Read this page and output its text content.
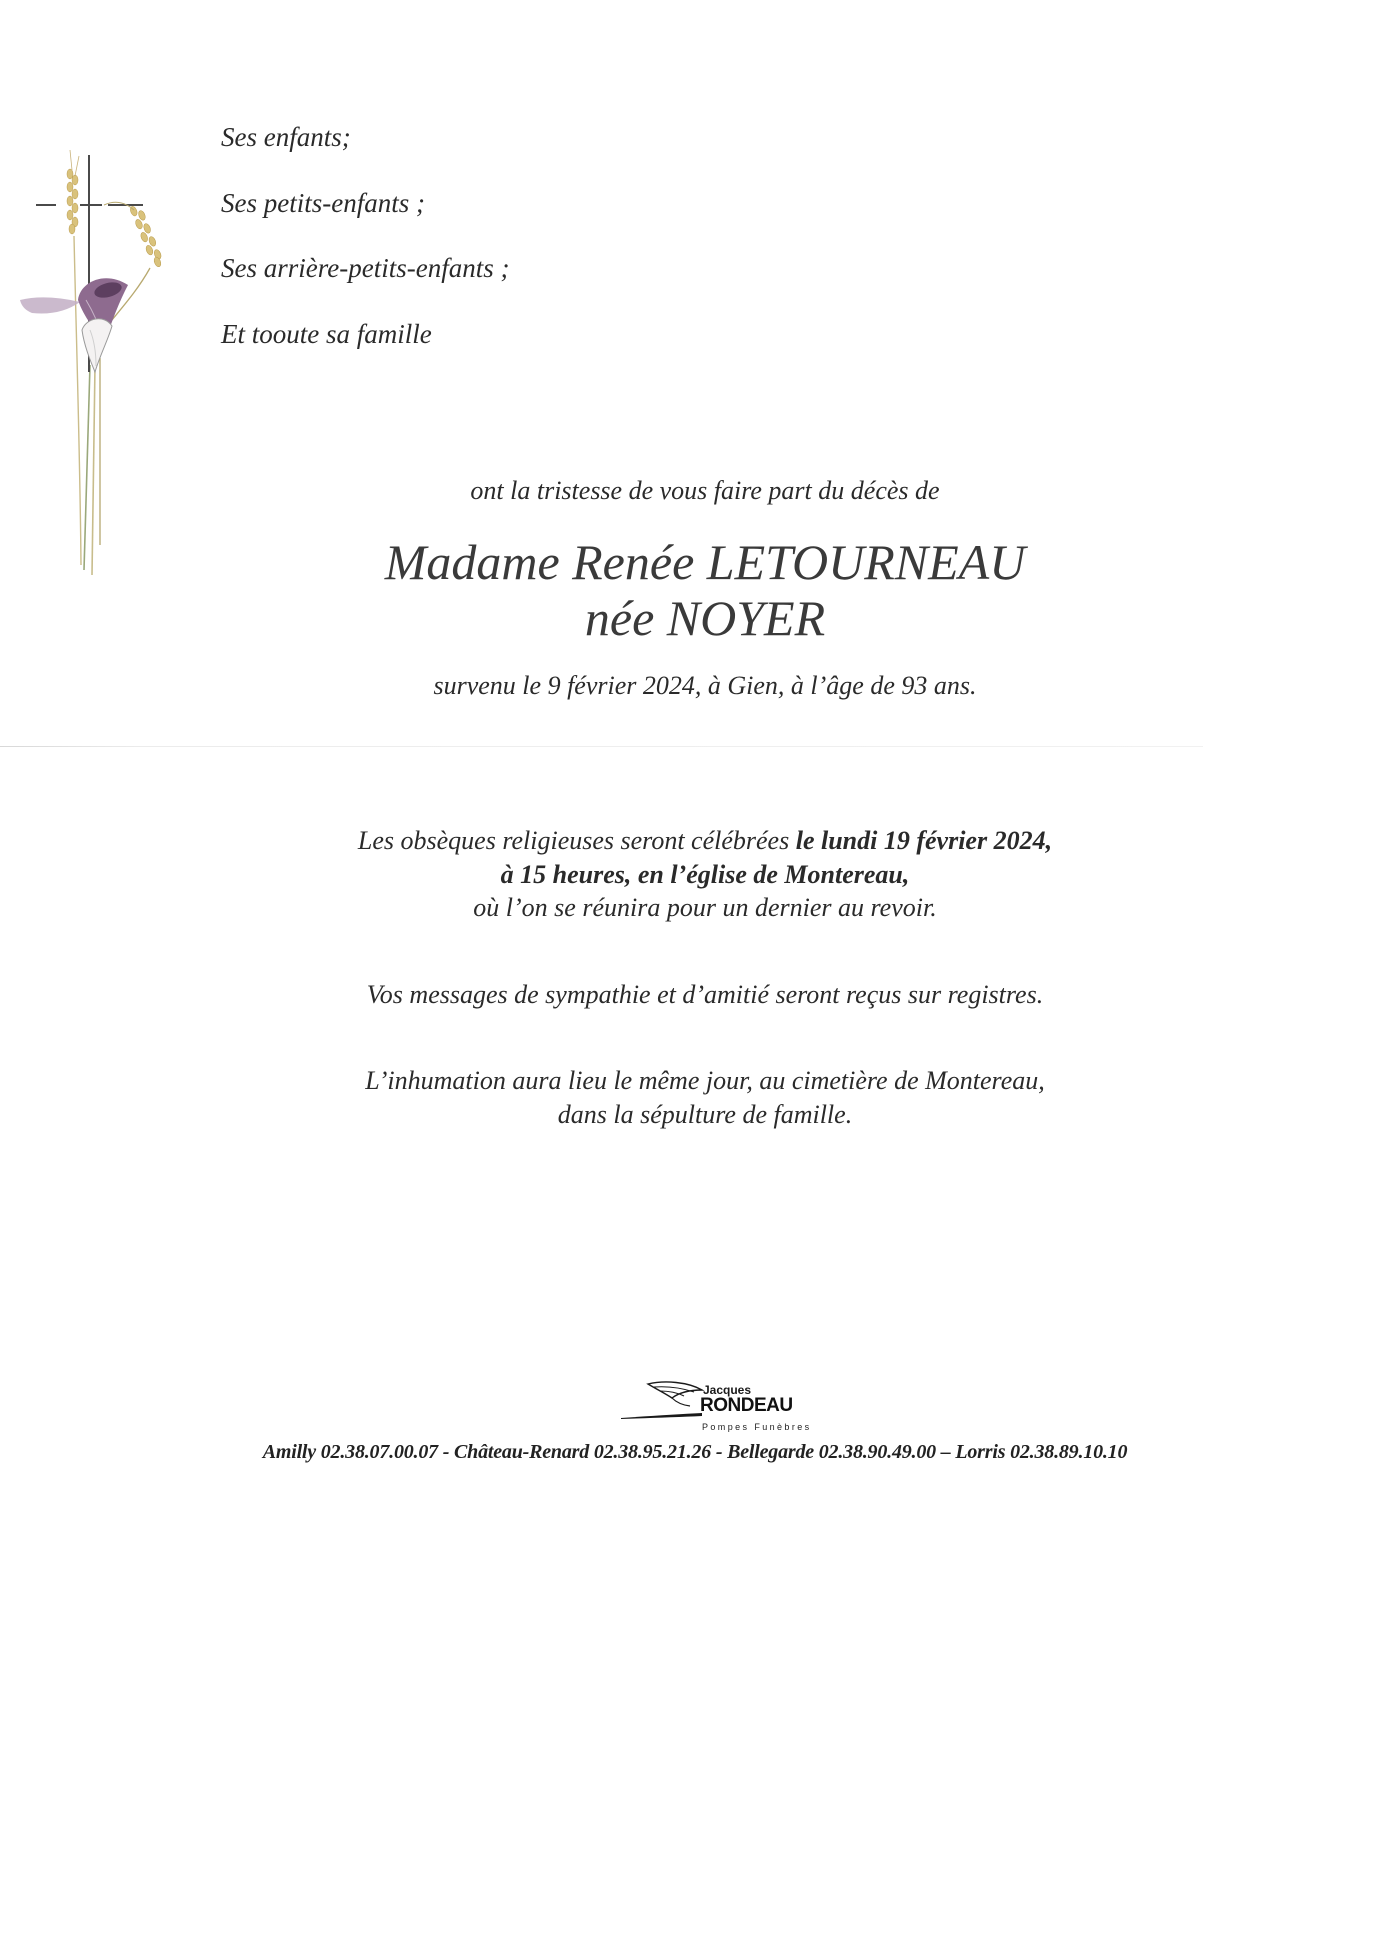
Ses enfants;
Ses petits-enfants ;
Ses arrière-petits-enfants ;
Et tooute sa famille
ont la tristesse de vous faire part du décès de
Madame Renée LETOURNEAU
née NOYER
survenu le 9 février 2024, à Gien, à l’âge de 93 ans.
Les obsèques religieuses seront célébrées le lundi 19 février 2024,
à 15 heures, en l’église de Montereau,
où l’on se réunira pour un dernier au revoir.
Vos messages de sympathie et d’amitié seront reçus sur registres.
L’inhumation aura lieu le même jour, au cimetière de Montereau,
dans la sépulture de famille.
Jacques
RONDEAU
Pompes Funèbres
Amilly 02.38.07.00.07 - Château-Renard 02.38.95.21.26 - Bellegarde 02.38.90.49.00 – Lorris 02.38.89.10.10
